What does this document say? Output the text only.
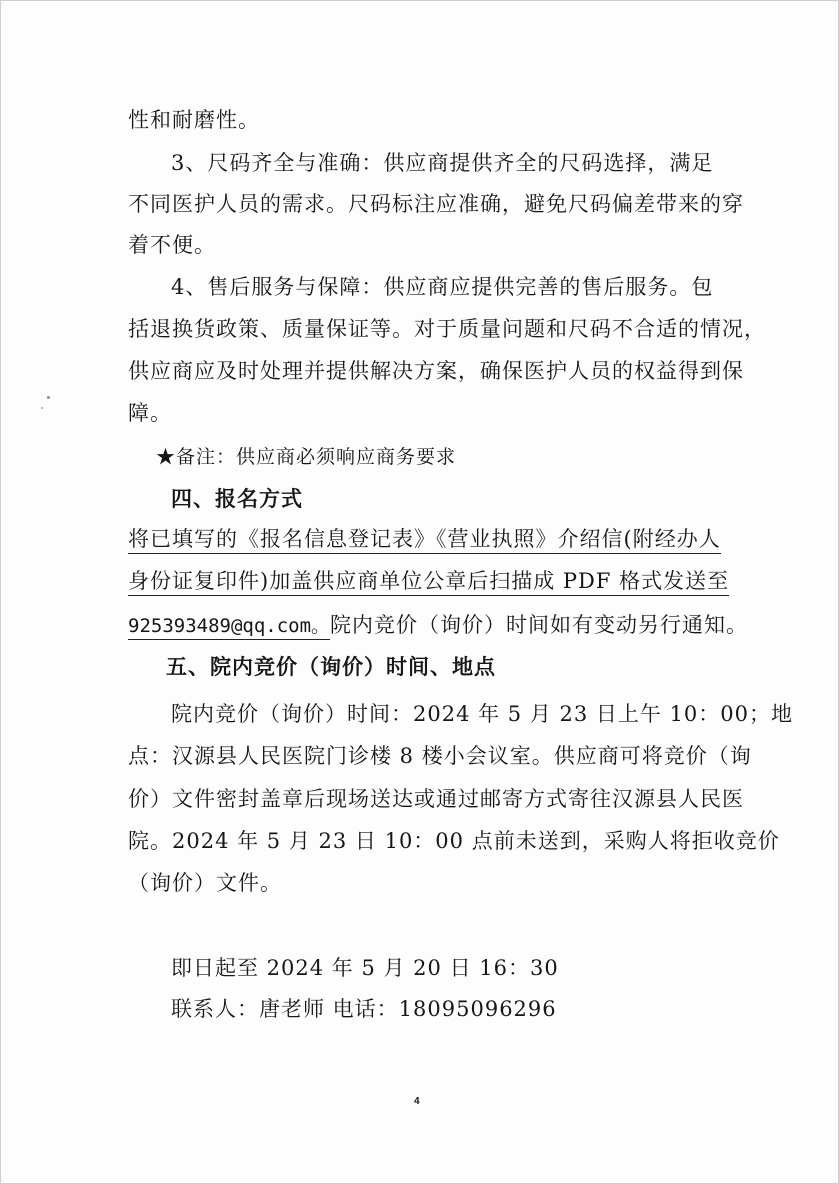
性和耐磨性。
3、尺码齐全与准确：供应商提供齐全的尺码选择，满足
不同医护人员的需求。尺码标注应准确，避免尺码偏差带来的穿
着不便。
4、售后服务与保障：供应商应提供完善的售后服务。包
括退换货政策、质量保证等。对于质量问题和尺码不合适的情况，
供应商应及时处理并提供解决方案，确保医护人员的权益得到保
障。
★备注：供应商必须响应商务要求
四、报名方式
将已填写的《报名信息登记表》《营业执照》介绍信(附经办人
身份证复印件)加盖供应商单位公章后扫描成 PDF 格式发送至
925393489@qq.com。院内竞价（询价）时间如有变动另行通知。
五、院内竞价（询价）时间、地点
院内竞价（询价）时间：2024 年 5 月 23 日上午 10：00；地
点：汉源县人民医院门诊楼 8 楼小会议室。供应商可将竞价（询
价）文件密封盖章后现场送达或通过邮寄方式寄往汉源县人民医
院。2024 年 5 月 23 日 10：00 点前未送到，采购人将拒收竞价
（询价）文件。
即日起至 2024 年 5 月 20 日 16：30
联系人：唐老师 电话：18095096296
4
